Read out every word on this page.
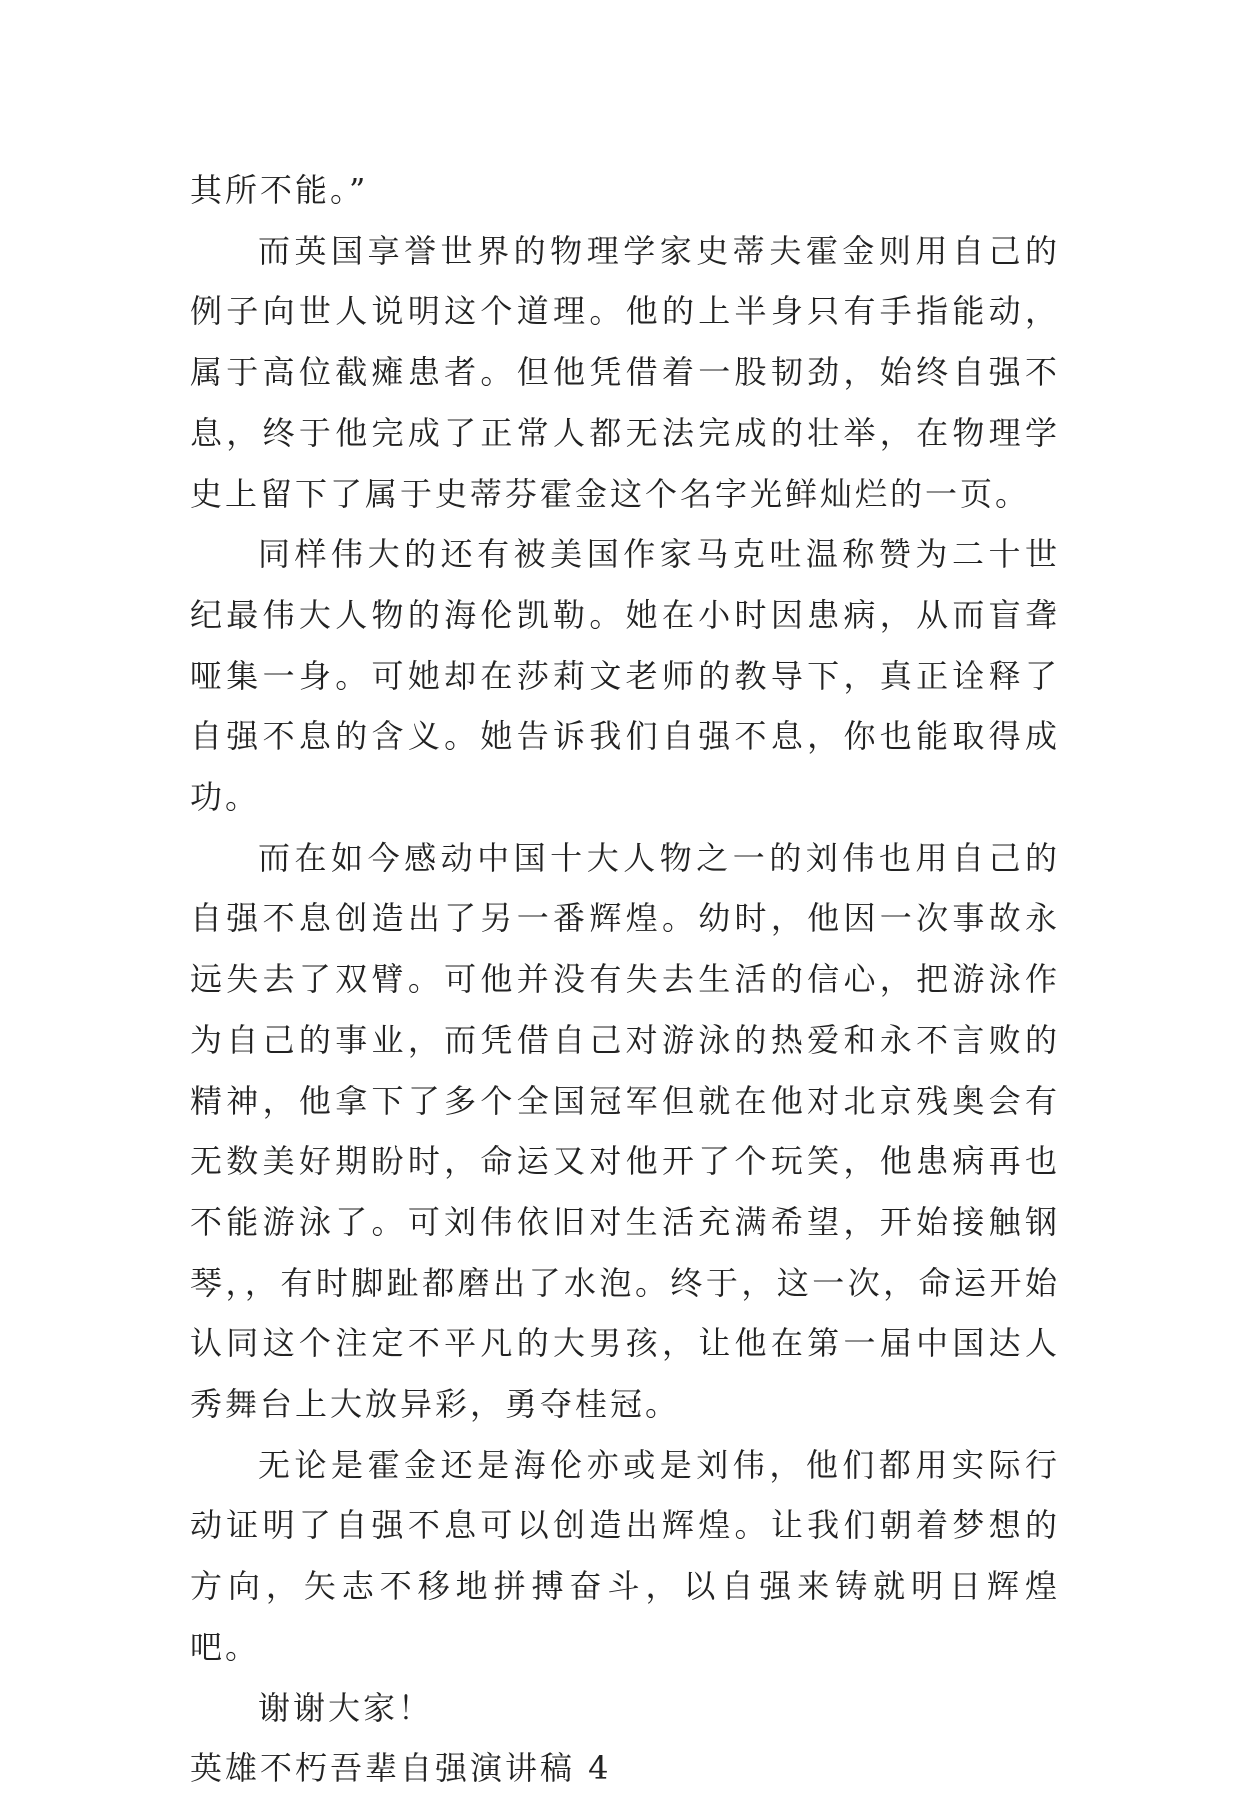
其所不能。”

而英国享誉世界的物理学家史蒂夫霍金则用自己的例子向世人说明这个道理。他的上半身只有手指能动，属于高位截瘫患者。但他凭借着一股韧劲，始终自强不息，终于他完成了正常人都无法完成的壮举，在物理学史上留下了属于史蒂芬霍金这个名字光鲜灿烂的一页。

同样伟大的还有被美国作家马克吐温称赞为二十世纪最伟大人物的海伦凯勒。她在小时因患病，从而盲聋哑集一身。可她却在莎莉文老师的教导下，真正诠释了自强不息的含义。她告诉我们自强不息，你也能取得成功。

而在如今感动中国十大人物之一的刘伟也用自己的自强不息创造出了另一番辉煌。幼时，他因一次事故永远失去了双臂。可他并没有失去生活的信心，把游泳作为自己的事业，而凭借自己对游泳的热爱和永不言败的精神，他拿下了多个全国冠军但就在他对北京残奥会有无数美好期盼时，命运又对他开了个玩笑，他患病再也不能游泳了。可刘伟依旧对生活充满希望，开始接触钢琴，，有时脚趾都磨出了水泡。终于，这一次，命运开始认同这个注定不平凡的大男孩，让他在第一届中国达人秀舞台上大放异彩，勇夺桂冠。

无论是霍金还是海伦亦或是刘伟，他们都用实际行动证明了自强不息可以创造出辉煌。让我们朝着梦想的方向，矢志不移地拼搏奋斗，以自强来铸就明日辉煌吧。

谢谢大家！

英雄不朽吾辈自强演讲稿 4
